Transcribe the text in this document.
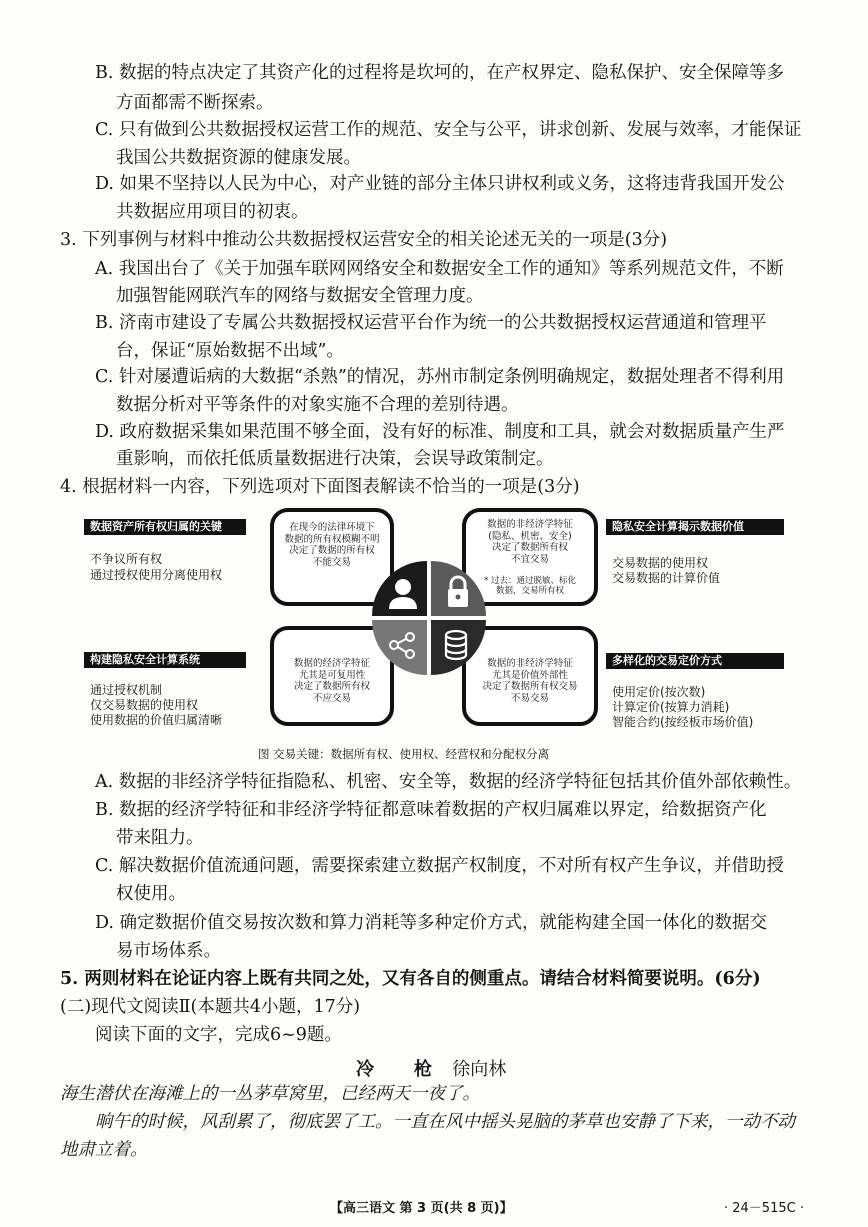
B. 数据的特点决定了其资产化的过程将是坎坷的，在产权界定、隐私保护、安全保障等多
方面都需不断探索。
C. 只有做到公共数据授权运营工作的规范、安全与公平，讲求创新、发展与效率，才能保证
我国公共数据资源的健康发展。
D. 如果不坚持以人民为中心，对产业链的部分主体只讲权利或义务，这将违背我国开发公
共数据应用项目的初衷。
3. 下列事例与材料中推动公共数据授权运营安全的相关论述无关的一项是(3分)
A. 我国出台了《关于加强车联网网络安全和数据安全工作的通知》等系列规范文件，不断
加强智能网联汽车的网络与数据安全管理力度。
B. 济南市建设了专属公共数据授权运营平台作为统一的公共数据授权运营通道和管理平
台，保证“原始数据不出域”。
C. 针对屡遭诟病的大数据“杀熟”的情况，苏州市制定条例明确规定，数据处理者不得利用
数据分析对平等条件的对象实施不合理的差别待遇。
D. 政府数据采集如果范围不够全面，没有好的标准、制度和工具，就会对数据质量产生严
重影响，而依托低质量数据进行决策，会误导政策制定。
4. 根据材料一内容，下列选项对下面图表解读不恰当的一项是(3分)
数据资产所有权归属的关键
不争议所有权
通过授权使用分离使用权
构建隐私安全计算系统
通过授权机制
仅交易数据的使用权
使用数据的价值归属清晰
隐私安全计算揭示数据价值
交易数据的使用权
交易数据的计算价值
多样化的交易定价方式
使用定价(按次数)
计算定价(按算力消耗)
智能合约(按经板市场价值)
在现今的法律环境下
数据的所有权模糊不明
决定了数据的所有权
不能交易
数据的非经济学特征
(隐私、机密、安全)
决定了数据所有权
不宜交易
* 过去：通过脱敏、标化
数据，交易所有权
数据的经济学特征
尤其是可复用性
决定了数据所有权
不应交易
数据的非经济学特征
尤其是价值外部性
决定了数据所有权交易
不易交易
图 交易关键：数据所有权、使用权、经营权和分配权分离
A. 数据的非经济学特征指隐私、机密、安全等，数据的经济学特征包括其价值外部依赖性。
B. 数据的经济学特征和非经济学特征都意味着数据的产权归属难以界定，给数据资产化
带来阻力。
C. 解决数据价值流通问题，需要探索建立数据产权制度，不对所有权产生争议，并借助授
权使用。
D. 确定数据价值交易按次数和算力消耗等多种定价方式，就能构建全国一体化的数据交
易市场体系。
5. 两则材料在论证内容上既有共同之处，又有各自的侧重点。请结合材料简要说明。(6分)
(二)现代文阅读Ⅱ(本题共4小题，17分)
阅读下面的文字，完成6~9题。
冷 枪 徐向林
海生潜伏在海滩上的一丛茅草窝里，已经两天一夜了。
晌午的时候，风刮累了，彻底罢了工。一直在风中摇头晃脑的茅草也安静了下来，一动不动
地肃立着。
【高三语文 第 3 页(共 8 页)】	· 24－515C ·
